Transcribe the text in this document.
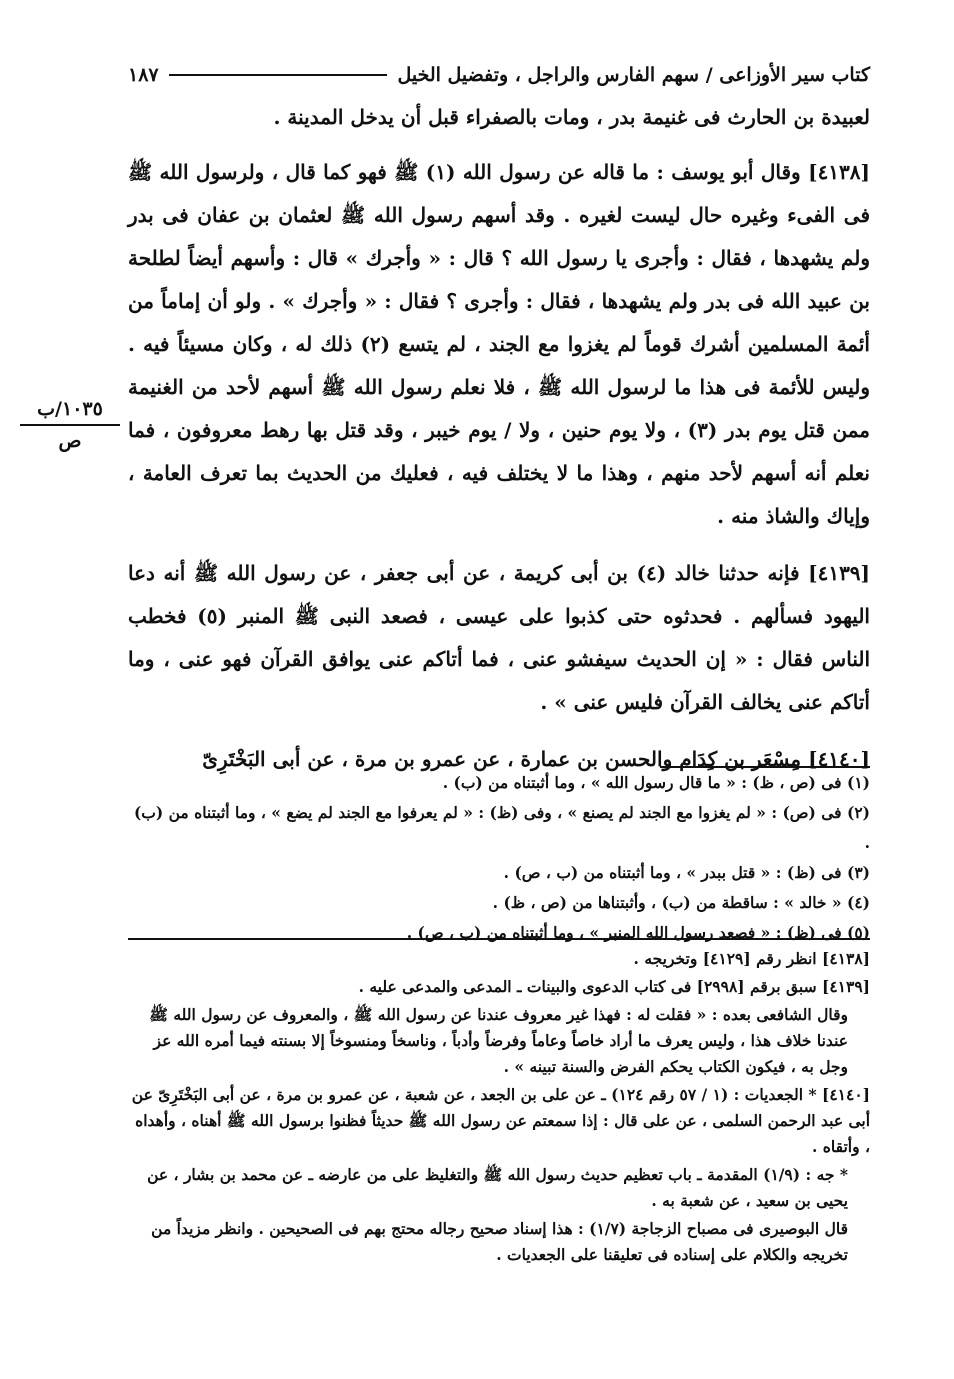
كتاب سير الأوزاعى / سهم الفارس والراجل ، وتفضيل الخيل
١٨٧
١٠٣٥/ب
ص

لعبيدة بن الحارث فى غنيمة بدر ، ومات بالصفراء قبل أن يدخل المدينة .

[٤١٣٨] وقال أبو يوسف : ما قاله عن رسول الله (١) ﷺ فهو كما قال ، ولرسول الله ﷺ فى الفىء وغيره حال ليست لغيره . وقد أسهم رسول الله ﷺ لعثمان بن عفان فى بدر ولم يشهدها ، فقال : وأجرى يا رسول الله ؟ قال : « وأجرك » قال : وأسهم أيضاً لطلحة بن عبيد الله فى بدر ولم يشهدها ، فقال : وأجرى ؟ فقال : « وأجرك » . ولو أن إماماً من أئمة المسلمين أشرك قوماً لم يغزوا مع الجند ، لم يتسع (٢) ذلك له ، وكان مسيئاً فيه . وليس للأئمة فى هذا ما لرسول الله ﷺ ، فلا نعلم رسول الله ﷺ أسهم لأحد من الغنيمة ممن قتل يوم بدر (٣) ، ولا يوم حنين ، ولا / يوم خيبر ، وقد قتل بها رهط معروفون ، فما نعلم أنه أسهم لأحد منهم ، وهذا ما لا يختلف فيه ، فعليك من الحديث بما تعرف العامة ، وإياك والشاذ منه .

[٤١٣٩] فإنه حدثنا خالد (٤) بن أبى كريمة ، عن أبى جعفر ، عن رسول الله ﷺ أنه دعا اليهود فسألهم . فحدثوه حتى كذبوا على عيسى ، فصعد النبى ﷺ المنبر (٥) فخطب الناس فقال : « إن الحديث سيفشو عنى ، فما أتاكم عنى يوافق القرآن فهو عنى ، وما أتاكم عنى يخالف القرآن فليس عنى » .

[٤١٤٠] مِسْعَر بن كِدَام والحسن بن عمارة ، عن عمرو بن مرة ، عن أبى البَخْتَرِىّ

(١) فى (ص ، ظ) : « ما قال رسول الله » ، وما أثبتناه من (ب) .

(٢) فى (ص) : « لم يغزوا مع الجند لم يصنع » ، وفى (ظ) : « لم يعرفوا مع الجند لم يضع » ، وما أثبتناه من (ب) .

(٣) فى (ظ) : « قتل ببدر » ، وما أثبتناه من (ب ، ص) .

(٤) « خالد » : ساقطة من (ب) ، وأثبتناها من (ص ، ظ) .

(٥) فى (ظ) : « فصعد رسول الله المنبر » ، وما أثبتناه من (ب ، ص) .

[٤١٣٨] انظر رقم [٤١٢٩] وتخريجه .

[٤١٣٩] سبق برقم [٢٩٩٨] فى كتاب الدعوى والبينات ـ المدعى والمدعى عليه .

وقال الشافعى بعده : « فقلت له : فهذا غير معروف عندنا عن رسول الله ﷺ ، والمعروف عن رسول الله ﷺ عندنا خلاف هذا ، وليس يعرف ما أراد خاصاً وعاماً وفرضاً وأدباً ، وناسخاً ومنسوخاً إلا بسنته فيما أمره الله عز وجل به ، فيكون الكتاب يحكم الفرض والسنة تبينه » .

[٤١٤٠] * الجعديات : (١ / ٥٧ رقم ١٢٤) ـ عن على بن الجعد ، عن شعبة ، عن عمرو بن مرة ، عن أبى البَخْتَرِىّ عن أبى عبد الرحمن السلمى ، عن على قال : إذا سمعتم عن رسول الله ﷺ حديثاً فظنوا برسول الله ﷺ أهناه ، وأهداه ، وأتقاه .

* جه : (١/٩) المقدمة ـ باب تعظيم حديث رسول الله ﷺ والتغليظ على من عارضه ـ عن محمد بن بشار ، عن يحيى بن سعيد ، عن شعبة به .

قال البوصيرى فى مصباح الزجاجة (١/٧) : هذا إسناد صحيح رجاله محتج بهم فى الصحيحين . وانظر مزيداً من تخريجه والكلام على إسناده فى تعليقنا على الجعديات .
